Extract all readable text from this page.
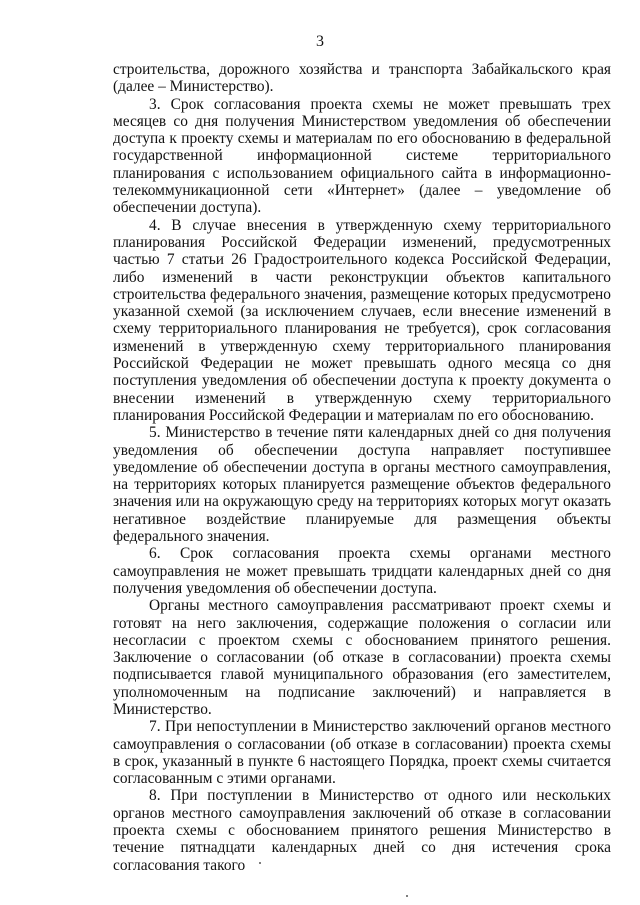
3

строительства, дорожного хозяйства и транспорта Забайкальского края (далее – Министерство).

3. Срок согласования проекта схемы не может превышать трех месяцев со дня получения Министерством уведомления об обеспечении доступа к проекту схемы и материалам по его обоснованию в федеральной государственной информационной системе территориального планирования с использованием официального сайта в информационно-телекоммуникационной сети «Интернет» (далее – уведомление об обеспечении доступа).

4. В случае внесения в утвержденную схему территориального планирования Российской Федерации изменений, предусмотренных частью 7 статьи 26 Градостроительного кодекса Российской Федерации, либо изменений в части реконструкции объектов капитального строительства федерального значения, размещение которых предусмотрено указанной схемой (за исключением случаев, если внесение изменений в схему территориального планирования не требуется), срок согласования изменений в утвержденную схему территориального планирования Российской Федерации не может превышать одного месяца со дня поступления уведомления об обеспечении доступа к проекту документа о внесении изменений в утвержденную схему территориального планирования Российской Федерации и материалам по его обоснованию.

5. Министерство в течение пяти календарных дней со дня получения уведомления об обеспечении доступа направляет поступившее уведомление об обеспечении доступа в органы местного самоуправления, на территориях которых планируется размещение объектов федерального значения или на окружающую среду на территориях которых могут оказать негативное воздействие планируемые для размещения объекты федерального значения.

6. Срок согласования проекта схемы органами местного самоуправления не может превышать тридцати календарных дней со дня получения уведомления об обеспечении доступа.

Органы местного самоуправления рассматривают проект схемы и готовят на него заключения, содержащие положения о согласии или несогласии с проектом схемы с обоснованием принятого решения. Заключение о согласовании (об отказе в согласовании) проекта схемы подписывается главой муниципального образования (его заместителем, уполномоченным на подписание заключений) и направляется в Министерство.

7. При непоступлении в Министерство заключений органов местного самоуправления о согласовании (об отказе в согласовании) проекта схемы в срок, указанный в пункте 6 настоящего Порядка, проект схемы считается согласованным с этими органами.

8. При поступлении в Министерство от одного или нескольких органов местного самоуправления заключений об отказе в согласовании проекта схемы с обоснованием принятого решения Министерство в течение пятнадцати календарных дней со дня истечения срока согласования такого
